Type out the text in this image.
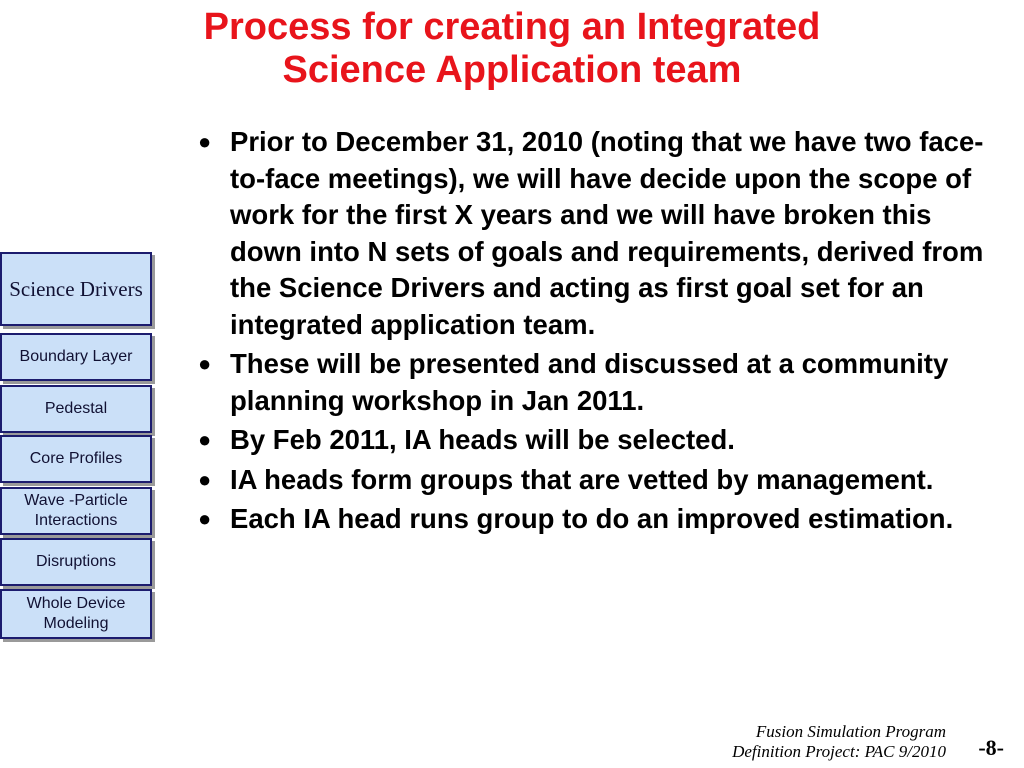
Process for creating an Integrated
Science Application team
Science Drivers
Boundary Layer
Pedestal
Core Profiles
Wave -Particle Interactions
Disruptions
Whole Device Modeling
● Prior to December 31, 2010 (noting that we have two face-to-face meetings), we will have decide upon the scope of work for the first X years and we will have broken this down into N sets of goals and requirements, derived from the Science Drivers and acting as first goal set for an integrated application team.
● These will be presented and discussed at a community planning workshop in Jan 2011.
● By Feb 2011, IA heads will be selected.
● IA heads form groups that are vetted by management.
● Each IA head runs group to do an improved estimation.
Fusion Simulation Program
Definition Project: PAC 9/2010 -8-
